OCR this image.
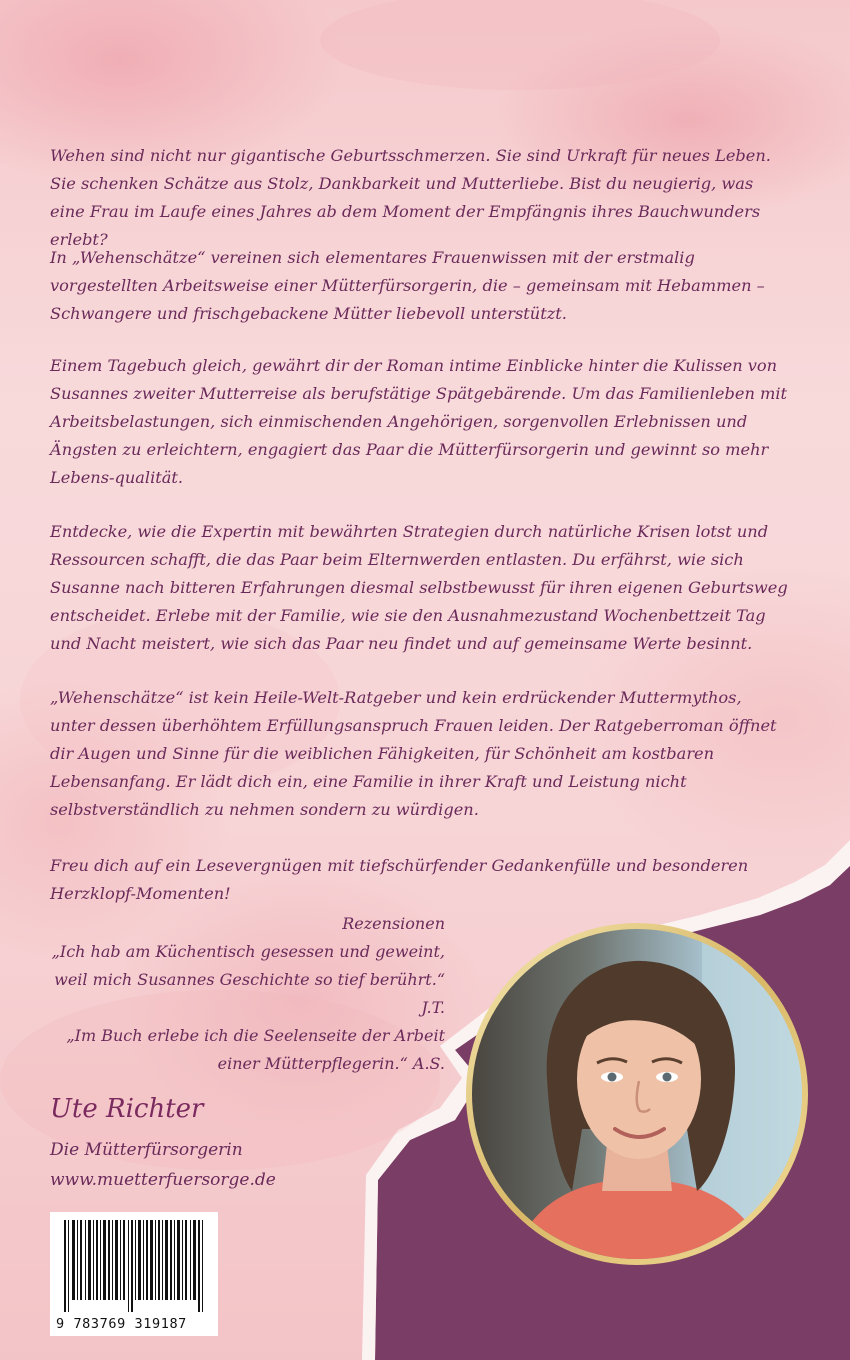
Wehen sind nicht nur gigantische Geburtsschmerzen. Sie sind Urkraft für neues Leben. Sie schenken Schätze aus Stolz, Dankbarkeit und Mutterliebe. Bist du neugierig, was eine Frau im Laufe eines Jahres ab dem Moment der Empfängnis ihres Bauchwunders erlebt?

In „Wehenschätze“ vereinen sich elementares Frauenwissen mit der erstmalig vorgestellten Arbeitsweise einer Mütterfürsorgerin, die – gemeinsam mit Hebammen – Schwangere und frischgebackene Mütter liebevoll unterstützt.

Einem Tagebuch gleich, gewährt dir der Roman intime Einblicke hinter die Kulissen von Susannes zweiter Mutterreise als berufstätige Spätgebärende. Um das Familienleben mit Arbeitsbelastungen, sich einmischenden Angehörigen, sorgenvollen Erlebnissen und Ängsten zu erleichtern, engagiert das Paar die Mütterfürsorgerin und gewinnt so mehr Lebens-qualität.

Entdecke, wie die Expertin mit bewährten Strategien durch natürliche Krisen lotst und Ressourcen schafft, die das Paar beim Elternwerden entlasten. Du erfährst, wie sich Susanne nach bitteren Erfahrungen diesmal selbstbewusst für ihren eigenen Geburtsweg entscheidet. Erlebe mit der Familie, wie sie den Ausnahmezustand Wochenbettzeit Tag und Nacht meistert, wie sich das Paar neu findet und auf gemeinsame Werte besinnt.

„Wehenschätze“ ist kein Heile-Welt-Ratgeber und kein erdrückender Muttermythos, unter dessen überhöhtem Erfüllungsanspruch Frauen leiden. Der Ratgeberroman öffnet dir Augen und Sinne für die weiblichen Fähigkeiten, für Schönheit am kostbaren Lebensanfang. Er lädt dich ein, eine Familie in ihrer Kraft und Leistung nicht selbstverständlich zu nehmen sondern zu würdigen.

Freu dich auf ein Lesevergnügen mit tiefschürfender Gedankenfülle und besonderen Herzklopf-Momenten!

Rezensionen
„Ich hab am Küchentisch gesessen und geweint,
weil mich Susannes Geschichte so tief berührt.“
J.T.
„Im Buch erlebe ich die Seelenseite der Arbeit
einer Mütterpflegerin.“ A.S.
Ute Richter
Die Mütterfürsorgerin
www.muetterfuersorge.de
9 783769 319187
